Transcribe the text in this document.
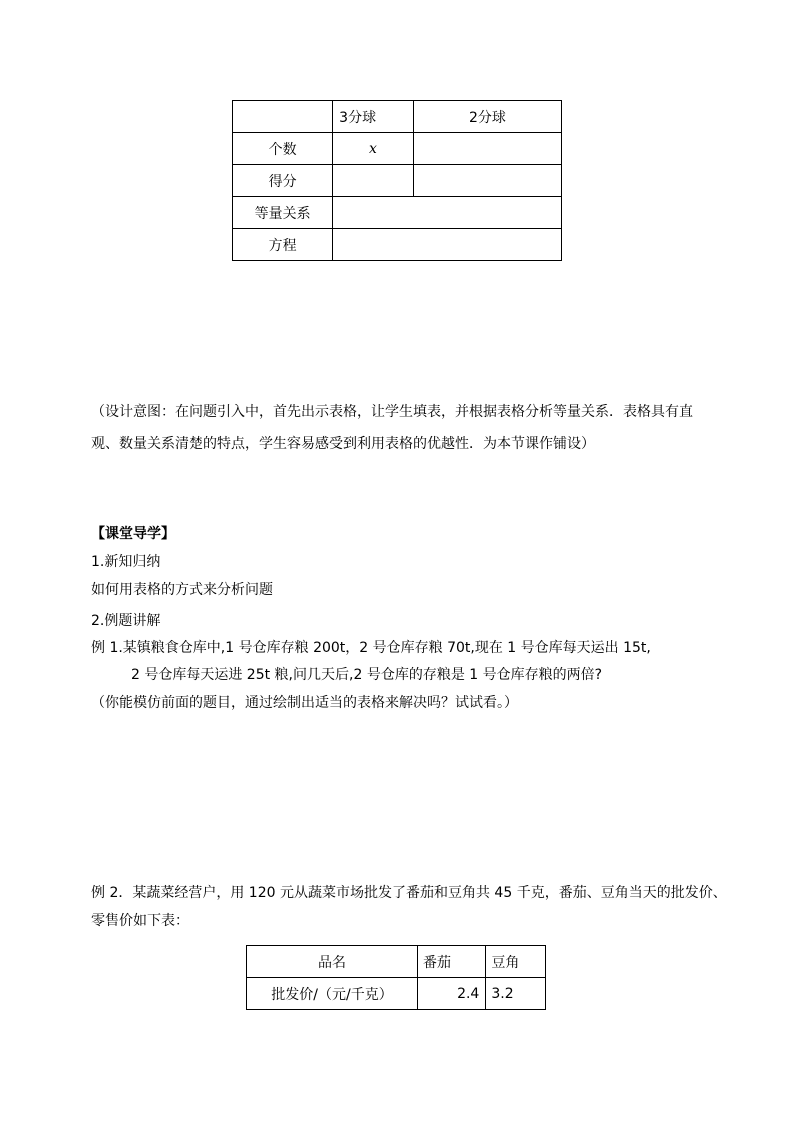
	3分球	2分球
个数	x	
得分		
等量关系		
方程		
（设计意图：在问题引入中，首先出示表格，让学生填表，并根据表格分析等量关系．表格具有直
观、数量关系清楚的特点，学生容易感受到利用表格的优越性．为本节课作铺设）
【课堂导学】
1.新知归纳
如何用表格的方式来分析问题
2.例题讲解
例 1.某镇粮食仓库中,1 号仓库存粮 200t，2 号仓库存粮 70t,现在 1 号仓库每天运出 15t,
2 号仓库每天运进 25t 粮,问几天后,2 号仓库的存粮是 1 号仓库存粮的两倍?
（你能模仿前面的题目，通过绘制出适当的表格来解决吗？试试看。）
例 2．某蔬菜经营户，用 120 元从蔬菜市场批发了番茄和豆角共 45 千克，番茄、豆角当天的批发价、
零售价如下表：
品名	番茄	豆角
批发价/（元/千克）	2.4	3.2
